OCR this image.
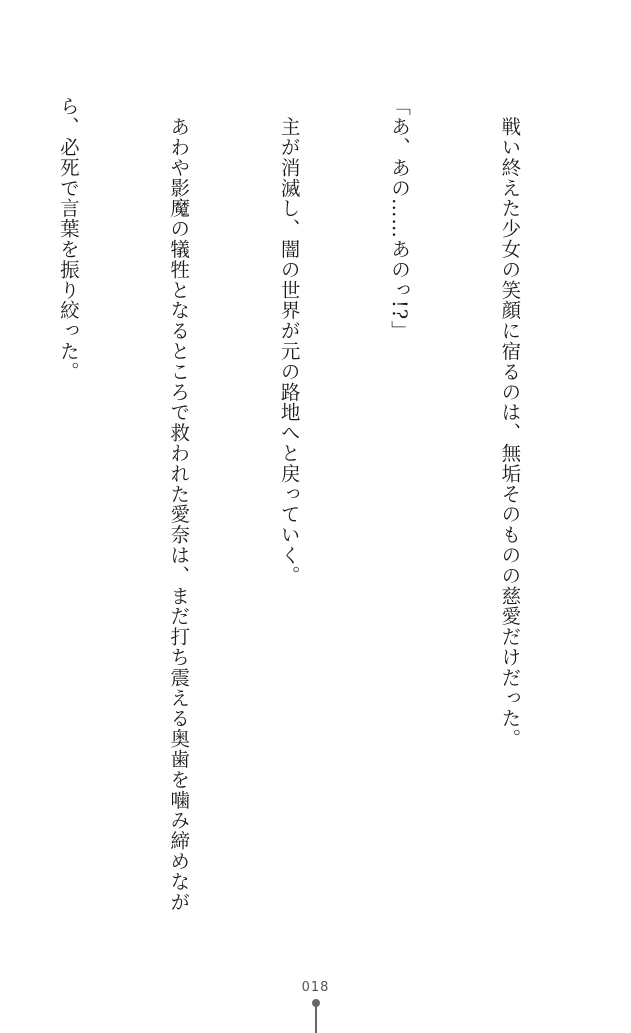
　戦い終えた少女の笑顔に宿るのは、無垢そのものの慈愛だけだった。

「あ、あの……あのっ!?」

　主が消滅し、闇の世界が元の路地へと戻っていく。

　あわや影魔の犠牲となるところで救われた愛奈は、まだ打ち震える奥歯を噛み締めなが

ら、必死で言葉を振り絞った。

018
